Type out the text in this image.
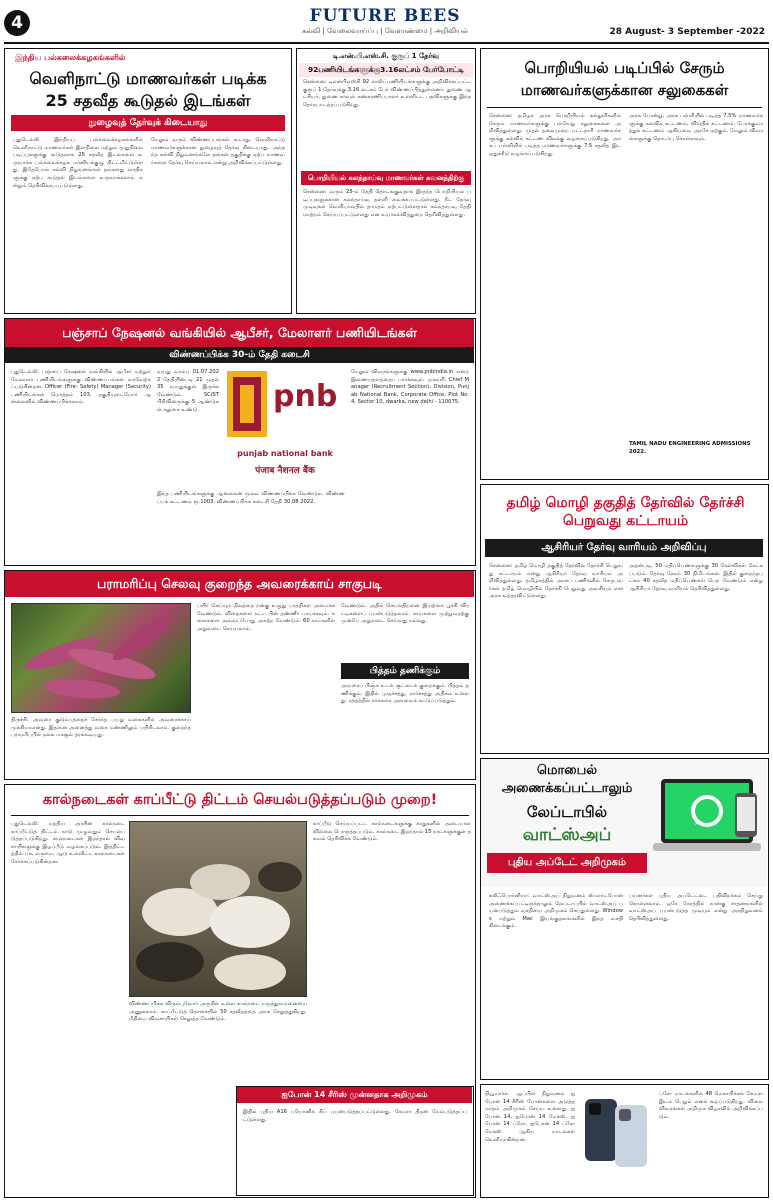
4	FUTURE BEES
கல்வி | வேலைவாய்ப்பு | வேளாண்மை | அறிவியல்	28 August- 3 September -2022
இந்திய பல்கலைக்கழகங்களில்
வெளிநாட்டு மாணவர்கள் படிக்க
25 சதவீத கூடுதல் இடங்கள்
நுழைவுத் தேர்வுக் கிடையாது
புதுடெல்லி இந்தியப் பல்கலைக்கழகங்களில் வெளிநாட்டு மாணவர்கள் இளநிலை மற்றும் முதுநிலை படிப்புகளுக்கு கூடுதலாக 25 சதவீத இடங்களை உருவாக்க பல்கலைக்கழக மானியக்குழு திட்டமிட்டுள்ளது. இதேபோல் கல்வி நிறுவனங்கள் தங்களது வசதிகளுக்கு ஏற்ப கூடுதல் இடங்களை உருவாக்கலாம் என்றும் தெரிவிக்கப்பட்டுள்ளது.
மேலும் வரும் விண்ணப்பங்கள் கூடாது. வெளிநாட்டு மாணவர்களுக்கான நுழைவுத் தேர்வு கிடையாது. அந்தந்த கல்வி நிறுவனங்களே தங்கள் தகுதிக்கு ஏற்ப மாணவர்களை தேர்வு செய்யலாம் என்று அறிவிக்கப்பட்டுள்ளது.
டி.என்.பி.எஸ்.சி. குரூப் 1 தேர்வு
92பணியிடங்களுக்கு3.16லட்சம் பேர்போட்டி
சென்னை: டிஎன்பிஎஸ்சி 92 காலிப்பணியிடங்களுக்கு அறிவிக்கப்பட்ட குரூப் 1 தேர்வுக்கு 3.16 லட்சம் பேர் விண்ணப்பித்துள்ளனர். துணை ஆட்சியர், துணை காவல் கண்காணிப்பாளர் உள்ளிட்ட பதவிகளுக்கு இந்த தேர்வு நடத்தப்படுகிறது.
பொறியியல் கலந்தாய்வு மாணவர்கள் கவனத்திற்கு
சென்னை: வரும் 25-ம் தேதி தொடங்குவதாக இருந்த பொறியியல் படிப்புகளுக்கான கலந்தாய்வு தள்ளி வைக்கப்பட்டுள்ளது. நீட் தேர்வு முடிவுகள் வெளியாவதில் தாமதம் ஏற்பட்டுள்ளதால் கலந்தாய்வு தேதி மாற்றம் செய்யப்பட்டுள்ளது என உயர்கல்வித்துறை தெரிவித்துள்ளது.
பொறியியல் படிப்பில் சேரும்
மாணவர்களுக்கான சலுகைகள்
சென்னை: தமிழக அரசு பொறியியல் கல்லூரிகளில் சேரும் மாணவர்களுக்கு பல்வேறு சலுகைகளை அறிவித்துள்ளது. முதல் தலைமுறை பட்டதாரி மாணவர்களுக்கு கல்விக் கட்டண விலக்கு வழங்கப்படுகிறது. அரசுப் பள்ளியில் படித்த மாணவர்களுக்கு 7.5 சதவீத இட ஒதுக்கீடு வழங்கப்படுகிறது.
அரசு போன்று, அரசு பள்ளியில் படித்த 7.5% மாணவர்களுக்கு கல்விக் கட்டணம், விடுதிக் கட்டணம், போக்குவரத்துக் கட்டணம் ஆகியவை அரசே ஏற்கும். மேலும் விவரங்களுக்கு தொடர்பு கொள்ளவும்.
TAMIL NADU ENGINEERING ADMISSIONS 2022.
பஞ்சாப் நேஷனல் வங்கியில் ஆபீசர், மேலாளர் பணியிடங்கள்
விண்ணப்பிக்க 30-ம் தேதி கடைசி
புதுடெல்லி: பஞ்சாப் நேஷனல் வங்கியில் ஆபீசர் மற்றும் மேலாளர் பணியிடங்களுக்கு விண்ணப்பங்கள் வரவேற்கப்படுகின்றன. Officer (Fire- Safety) Manager (Security) பணியிடங்கள் மொத்தம் 103. தகுதியுடையோர் ஆன்லைனில் விண்ணப்பிக்கலாம்.
வயது வரம்பு 01.07.2022 தேதியின்படி 21 முதல் 35 வயதுக்குள் இருக்க வேண்டும். SC/ST பிரிவினருக்கு 5 ஆண்டுகள் சலுகை உண்டு.	pnb
punjab national bank
पंजाब नैशनल बैंक
இந்த பணியிடங்களுக்கு ஆன்லைன் மூலம் விண்ணப்பிக்க வேண்டும். விண்ணப்பக் கட்டணம் ரூ.1003. விண்ணப்பிக்க கடைசி தேதி 30.08.2022.
மேலும் விவரங்களுக்கு www.pnbindia.in என்ற இணையதளத்தைப் பார்க்கவும். முகவரி: Chief Manager (Recruitment Section), Division, Punjab National Bank, Corporate Office, Plot No.4, Sector 10, dwarka, new delhi - 110075.
தமிழ் மொழி தகுதித் தேர்வில் தேர்ச்சி பெறுவது கட்டாயம்
ஆசிரியர் தேர்வு வாரியம் அறிவிப்பு
சென்னை: தமிழ் மொழி தகுதித் தேர்வில் தேர்ச்சி பெறுவது கட்டாயம் என்று ஆசிரியர் தேர்வு வாரியம் அறிவித்துள்ளது. தமிழகத்தில் அரசுப் பணிகளில் சேருபவர்கள் தமிழ் மொழியில் தேர்ச்சி பெறுவது அவசியம் என அரசு உத்தரவிட்டுள்ளது.
அதன்படி, 50 மதிப்பெண்களுக்கு 30 கேள்விகள் கேட்கப்படும். தேர்வு நேரம் 30 நிமிடங்கள். இதில் குறைந்தபட்சம் 40 சதவீத மதிப்பெண்கள் பெற வேண்டும் என்று ஆசிரியர் தேர்வு வாரியம் தெரிவித்துள்ளது.
பராமரிப்பு செலவு குறைந்த அவரைக்காய் சாகுபடி
திருச்சி: அவரை குடும்பத்தைச் சேர்ந்த பயறு வகைகளில் அவரைக்காய் முக்கியமானது. இதனை அனைத்து வகை மண்ணிலும் பயிரிடலாம். குறைந்த பராமரிப்பில் நல்ல மகசூல் தரக்கூடியது.
பயிர் செய்யும் நிலத்தை நன்கு உழுது பாத்திகள் அமைக்க வேண்டும். விதைகளை நட்ட பின் தண்ணீர் பாய்ச்சவும். களைகளை அவ்வப்போது அகற்ற வேண்டும். 60 நாட்களில் அறுவடை செய்யலாம்.
வேண்டும். அதில் செயல்திறனை இயற்கை பூச்சி விரட்டிகளைப் பயன்படுத்தலாம். காய்களை முற்றுவதற்கு முன்பே அறுவடை செய்வது நல்லது.
பித்தம் தணிக்கும்
அவரைப் பிஞ்சு உடல் சூட்டைக் குறைக்கும். பித்தம் தணிக்கும். இதில் புரதச்சத்து, நார்ச்சத்து அதிகம் உள்ளது. ரத்தத்தில் சர்க்கரை அளவைக் கட்டுப்படுத்தும்.
கால்நடைகள் காப்பீட்டு திட்டம் செயல்படுத்தப்படும் முறை!
புதுடெல்லி: மத்திய அரசின் கால்நடை காப்பீட்டுத் திட்டம் நாடு முழுவதும் செயல்படுத்தப்படுகிறது. கால்நடைகள் இறந்தால் விவசாயிகளுக்கு இழப்பீடு வழங்கப்படும். இத்திட்டத்தில் பசு, எருமை, ஆடு உள்ளிட்ட கால்நடைகள் சேர்க்கப்படுகின்றன.
விண்ணப்பிக்க விரும்புவோர் அருகில் உள்ள கால்நடை மருத்துவமனையை அணுகலாம். காப்பீட்டுத் தொகையில் 50 சதவீதத்தை அரசு செலுத்துகிறது. மீதியை விவசாயிகள் செலுத்த வேண்டும்.
காப்பீடு செய்யப்பட்ட கால்நடைகளுக்கு காதுகளில் அடையாள வில்லை பொருத்தப்படும். கால்நடை இறந்தால் 15 நாட்களுக்குள் தகவல் தெரிவிக்க வேண்டும்.
மொபைல்
அணைக்கப்பட்டாலும்
லேப்டாபில்
வாட்ஸ்அப்
புதிய அப்டேட் அறிமுகம்
கலிஃபோர்னியா: வாட்ஸ்அப் நிறுவனம் ஸ்மார்ட்போன் அணைக்கப்பட்டிருந்தாலும் லேப்டாப்பில் வாட்ஸ்அப் பயன்படுத்தும் வசதியை அறிமுகம் செய்துள்ளது. Windows மற்றும் Mac இயங்குதளங்களில் இந்த வசதி கிடைக்கும்.
பயனர்கள் புதிய அப்டேட்டை பதிவிறக்கம் செய்து கொள்ளலாம். ஒரே நேரத்தில் நான்கு சாதனங்களில் வாட்ஸ்அப் பயன்படுத்த முடியும் என்று அந்நிறுவனம் தெரிவித்துள்ளது.
நியூயார்க்: ஆப்பிள் நிறுவனம் ஐபோன் 14 சீரிஸ் போன்களை அடுத்த மாதம் அறிமுகம் செய்ய உள்ளது. ஐபோன் 14, ஐபோன் 14 மேக்ஸ், ஐபோன் 14 ப்ரோ, ஐபோன் 14 ப்ரோ மேக்ஸ் ஆகிய மாடல்கள் வெளியாகின்றன.
ப்ரோ மாடல்களில் 48 மெகாபிக்சல் கேமரா இடம் பெறும் எனக் கூறப்படுகிறது. விலை விவரங்கள் அறிமுக விழாவில் அறிவிக்கப்படும்.
ஐபோன் 14 சீரிஸ் முன்னதாக அறிமுகம்
இதில் புதிய A16 பயோனிக் சிப் பயன்படுத்தப்பட்டுள்ளது. கேமரா திறன் மேம்படுத்தப்பட்டுள்ளது.
